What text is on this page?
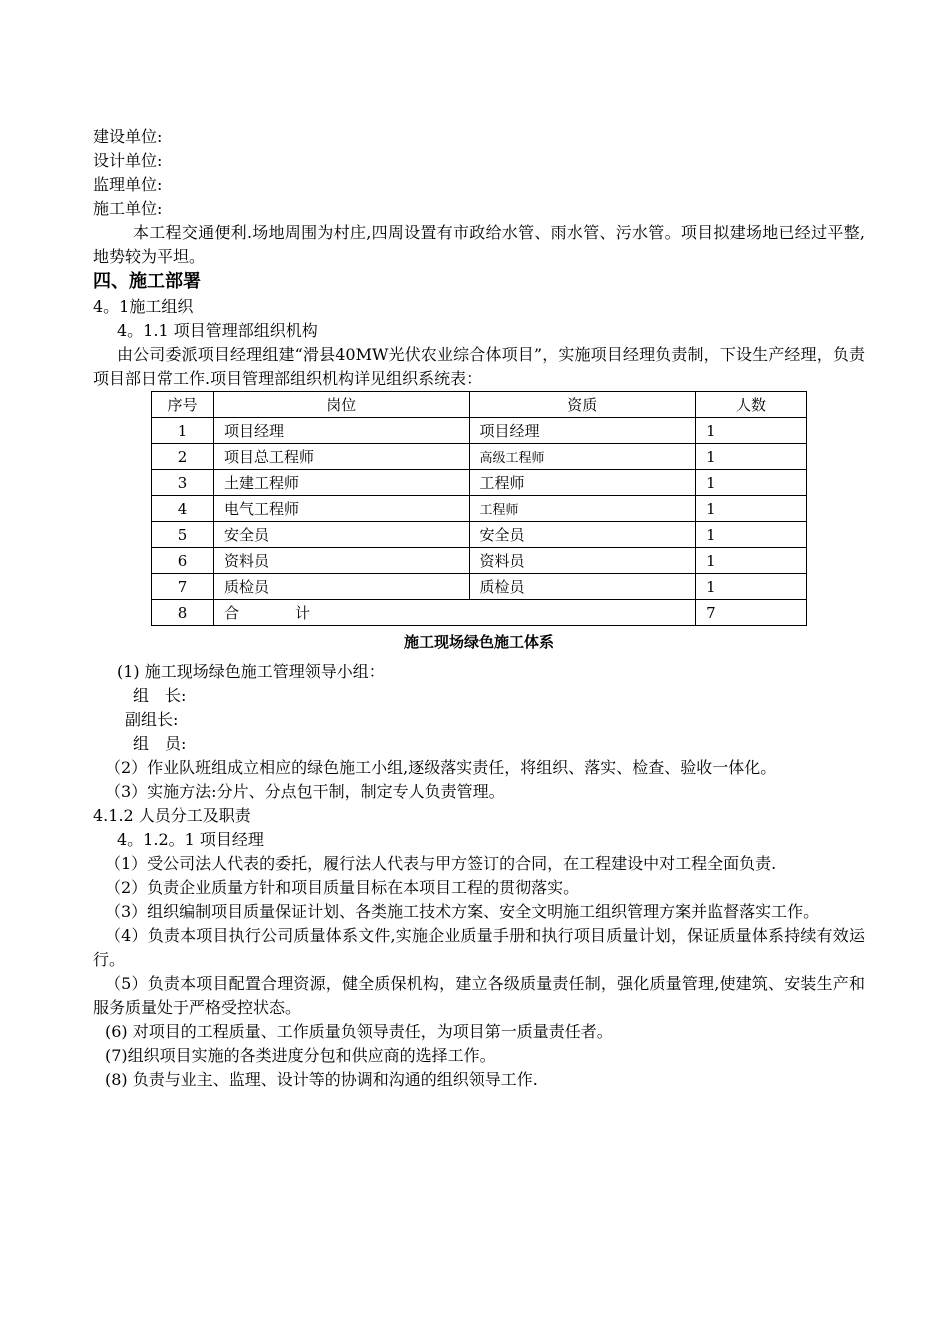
建设单位:
设计单位:
监理单位:
施工单位:
本工程交通便利.场地周围为村庄,四周设置有市政给水管、雨水管、污水管。项目拟建场地已经过平整,地势较为平坦。
四、施工部署
4。1施工组织
4。1.1 项目管理部组织机构
由公司委派项目经理组建“滑县40MW光伏农业综合体项目”，实施项目经理负责制，下设生产经理，负责项目部日常工作.项目管理部组织机构详见组织系统表：
序号	岗位	资质	人数
1	项目经理	项目经理	1
2	项目总工程师	高级工程师	1
3	土建工程师	工程师	1
4	电气工程师	工程师	1
5	安全员	安全员	1
6	资料员	资料员	1
7	质检员	质检员	1
8	合计		7
施工现场绿色施工体系
(1) 施工现场绿色施工管理领导小组：
组　长:
副组长:
组　员:
（2）作业队班组成立相应的绿色施工小组,逐级落实责任，将组织、落实、检查、验收一体化。
（3）实施方法:分片、分点包干制，制定专人负责管理。
4.1.2 人员分工及职责
4。1.2。1 项目经理
（1）受公司法人代表的委托，履行法人代表与甲方签订的合同，在工程建设中对工程全面负责.
（2）负责企业质量方针和项目质量目标在本项目工程的贯彻落实。
（3）组织编制项目质量保证计划、各类施工技术方案、安全文明施工组织管理方案并监督落实工作。
（4）负责本项目执行公司质量体系文件,实施企业质量手册和执行项目质量计划，保证质量体系持续有效运行。
（5）负责本项目配置合理资源，健全质保机构，建立各级质量责任制，强化质量管理,使建筑、安装生产和服务质量处于严格受控状态。
(6) 对项目的工程质量、工作质量负领导责任，为项目第一质量责任者。
(7)组织项目实施的各类进度分包和供应商的选择工作。
(8) 负责与业主、监理、设计等的协调和沟通的组织领导工作.
